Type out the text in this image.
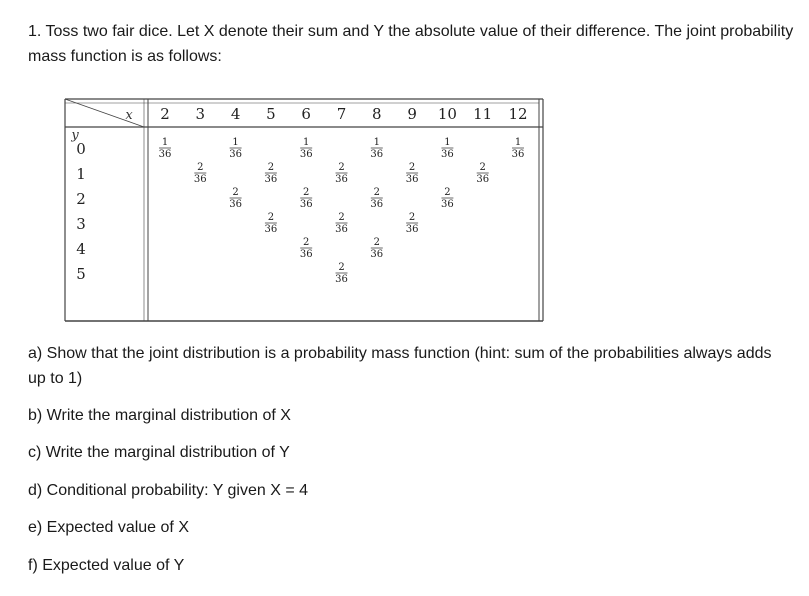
1. Toss two fair dice. Let X denote their sum and Y the absolute value of their difference. The joint probability mass function is as follows:
x
y
2 3 4 5 6 7 8 9 10 11 12
0
1
2
3
4
5
1
36
1
36
1
36
1
36
1
36
1
36
2
36
2
36
2
36
2
36
2
36
2
36
2
36
2
36
2
36
2
36
2
36
2
36
2
36
2
36
2
36
a) Show that the joint distribution is a probability mass function (hint: sum of the probabilities always adds up to 1)
b) Write the marginal distribution of X
c) Write the marginal distribution of Y
d) Conditional probability: Y given X = 4
e) Expected value of X
f) Expected value of Y
